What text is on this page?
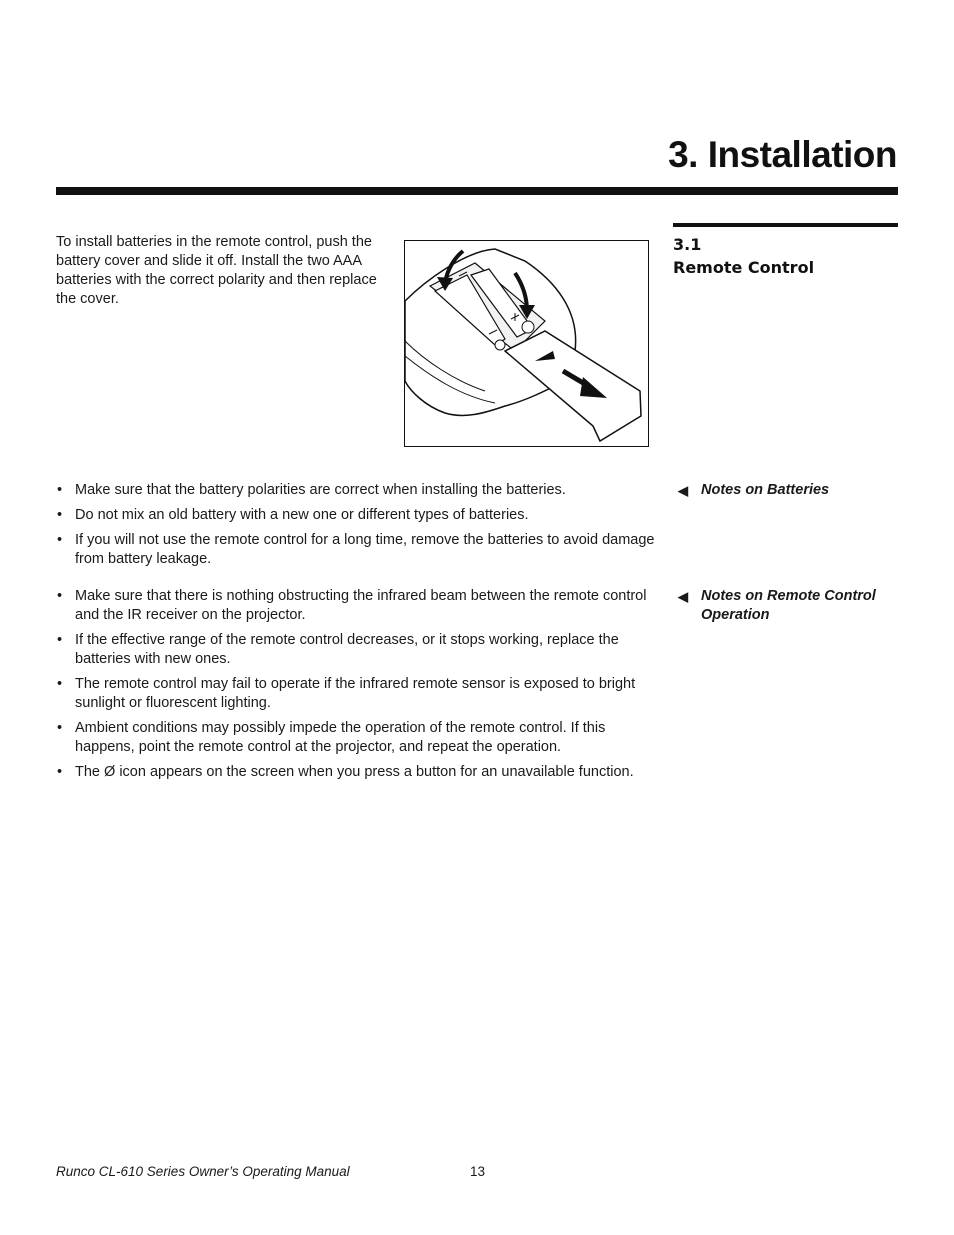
3. Installation
3.1
Remote Control

To install batteries in the remote control, push the battery cover and slide it off. Install the two AAA batteries with the correct polarity and then replace the cover.

◀ Notes on Batteries
• Make sure that the battery polarities are correct when installing the batteries.
• Do not mix an old battery with a new one or different types of batteries.
• If you will not use the remote control for a long time, remove the batteries to avoid damage from battery leakage.
◀ Notes on Remote Control Operation
• Make sure that there is nothing obstructing the infrared beam between the remote control and the IR receiver on the projector.
• If the effective range of the remote control decreases, or it stops working, replace the batteries with new ones.
• The remote control may fail to operate if the infrared remote sensor is exposed to bright sunlight or fluorescent lighting.
• Ambient conditions may possibly impede the operation of the remote control. If this happens, point the remote control at the projector, and repeat the operation.
• The Ø icon appears on the screen when you press a button for an unavailable function.
Runco CL-610 Series Owner’s Operating Manual	13
